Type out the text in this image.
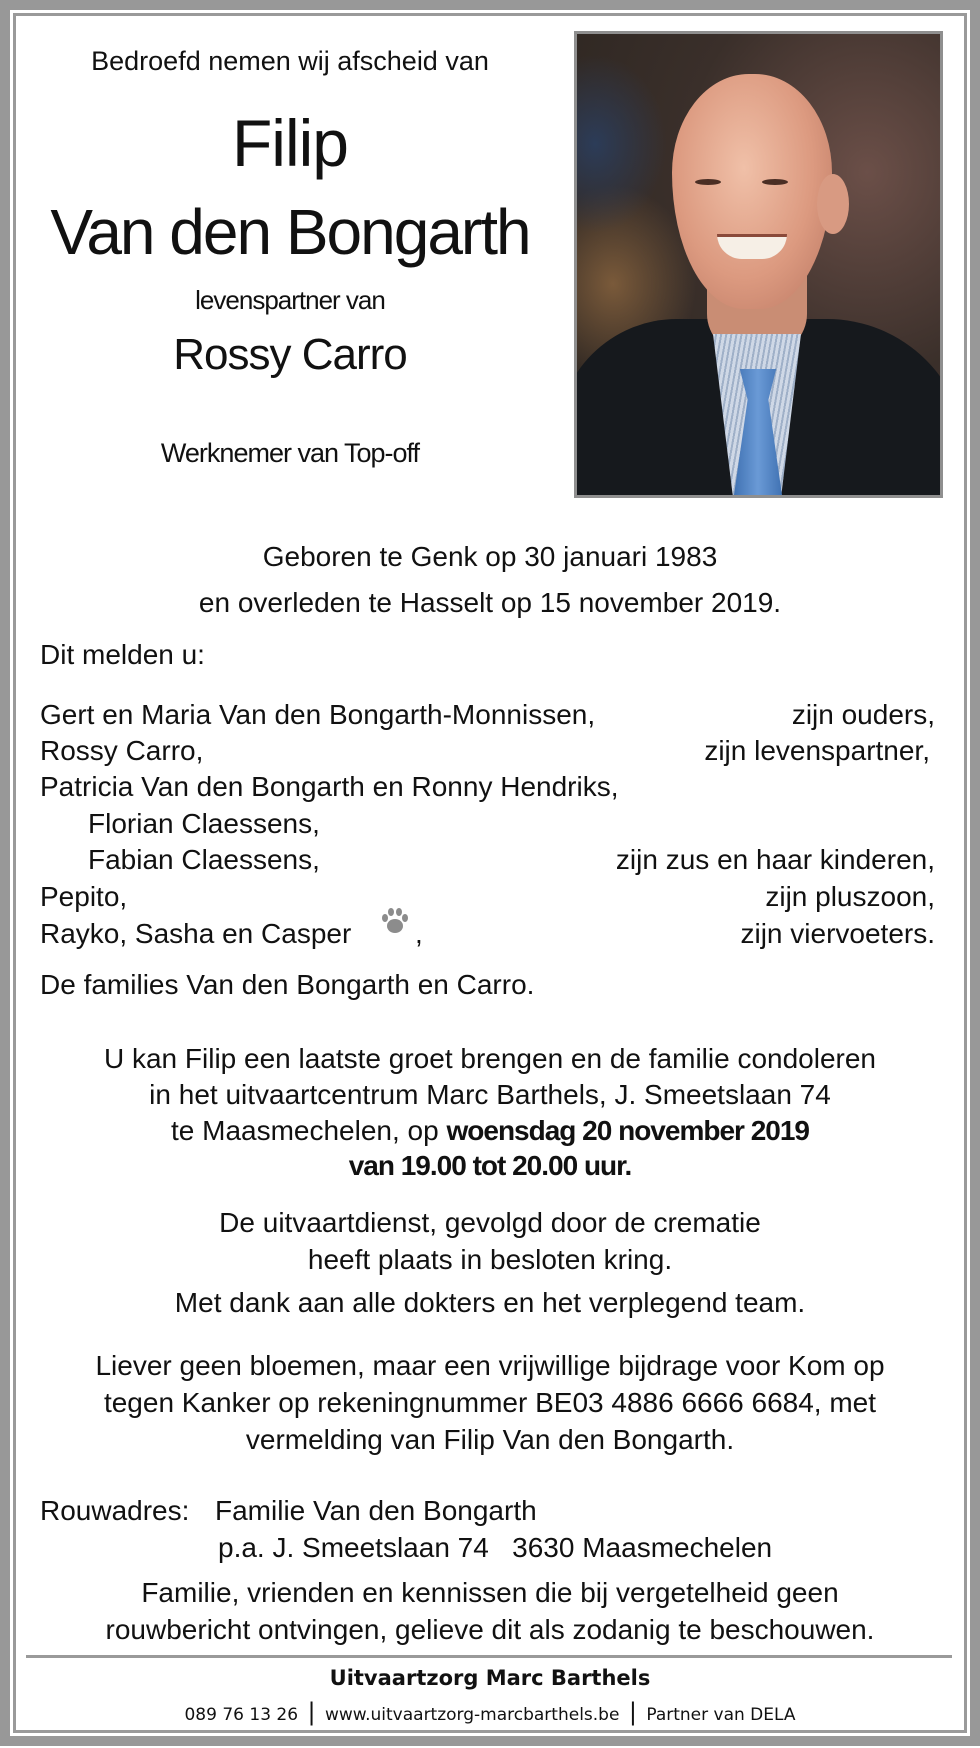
Bedroefd nemen wij afscheid van
Filip
Van den Bongarth
levenspartner van
Rossy Carro
Werknemer van Top-off
Geboren te Genk op 30 januari 1983
en overleden te Hasselt op 15 november 2019.
Dit melden u:
Gert en Maria Van den Bongarth-Monnissen,	zijn ouders,
Rossy Carro,	zijn levenspartner,
Patricia Van den Bongarth en Ronny Hendriks,
Florian Claessens,
Fabian Claessens,	zijn zus en haar kinderen,
Pepito,	zijn pluszoon,
Rayko, Sasha en Casper ,	zijn viervoeters.
De families Van den Bongarth en Carro.
U kan Filip een laatste groet brengen en de familie condoleren
in het uitvaartcentrum Marc Barthels, J. Smeetslaan 74
te Maasmechelen, op woensdag 20 november 2019
van 19.00 tot 20.00 uur.
De uitvaartdienst, gevolgd door de crematie
heeft plaats in besloten kring.
Met dank aan alle dokters en het verplegend team.
Liever geen bloemen, maar een vrijwillige bijdrage voor Kom op
tegen Kanker op rekeningnummer BE03 4886 6666 6684, met
vermelding van Filip Van den Bongarth.
Rouwadres: Familie Van den Bongarth
p.a. J. Smeetslaan 74   3630 Maasmechelen
Familie, vrienden en kennissen die bij vergetelheid geen
rouwbericht ontvingen, gelieve dit als zodanig te beschouwen.
Uitvaartzorg Marc Barthels
089 76 13 26 | www.uitvaartzorg-marcbarthels.be | Partner van DELA
